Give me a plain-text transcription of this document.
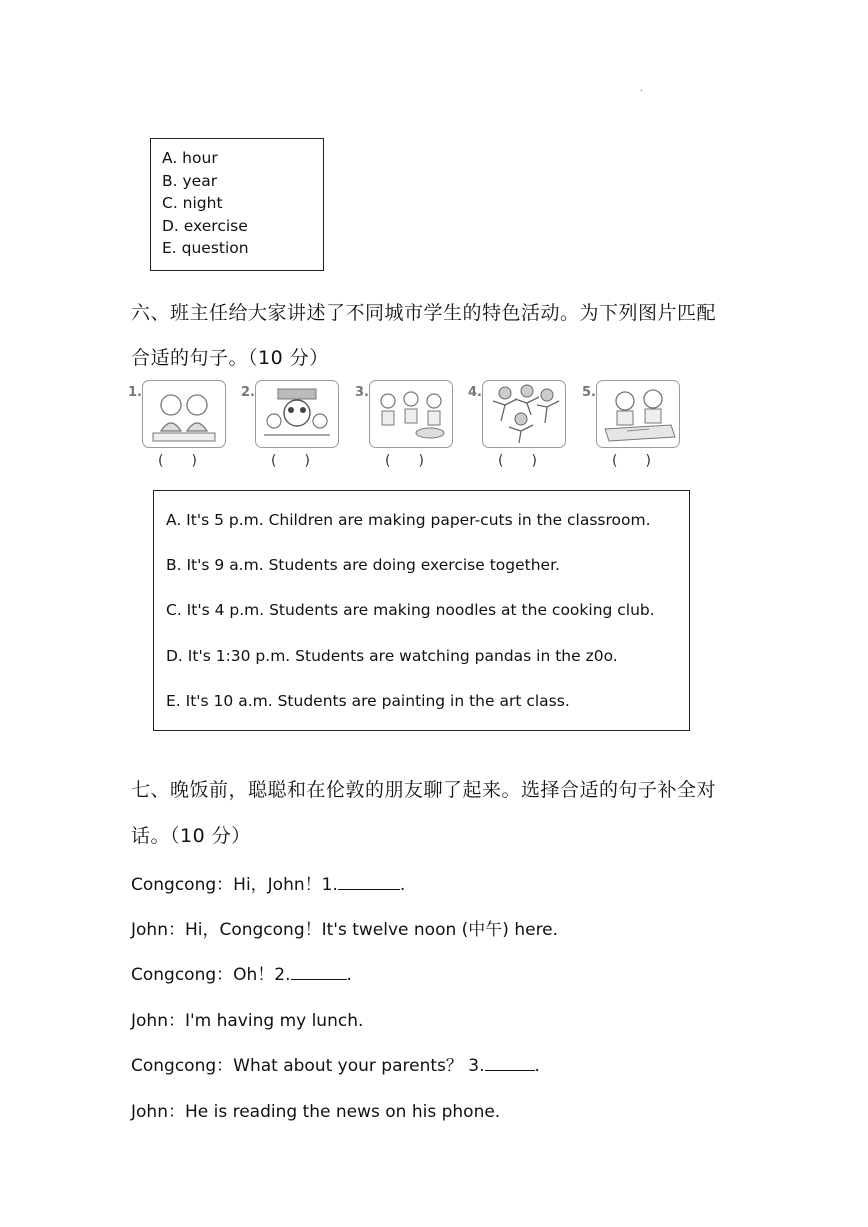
.
A. hour
B. year
C. night
D. exercise
E. question
六、班主任给大家讲述了不同城市学生的特色活动。为下列图片匹配
合适的句子。（10 分）
1.
(　　)
2.
(　　)
3.
(　　)
4.
(　　)
5.
(　　)
A. It's 5 p.m. Children are making paper-cuts in the classroom.
B. It's 9 a.m. Students are doing exercise together.
C. It's 4 p.m. Students are making noodles at the cooking club.
D. It's 1:30 p.m. Students are watching pandas in the z0o.
E. It's 10 a.m. Students are painting in the art class.
七、晚饭前，聪聪和在伦敦的朋友聊了起来。选择合适的句子补全对
话。（10 分）
Congcong：Hi，John！1.	.
John：Hi，Congcong！It's twelve noon (中午) here.
Congcong：Oh！2.	.
John：I'm having my lunch.
Congcong：What about your parents？ 3.	.
John：He is reading the news on his phone.
